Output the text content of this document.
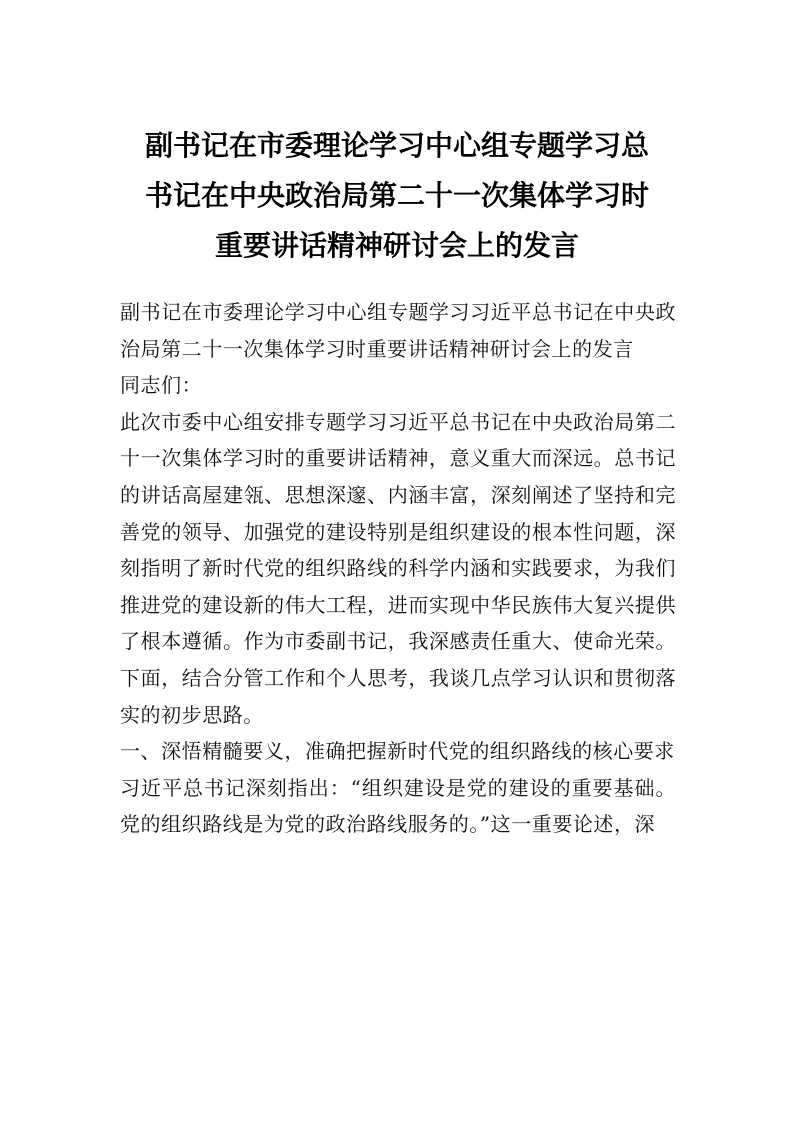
副书记在市委理论学习中心组专题学习总
书记在中央政治局第二十一次集体学习时
重要讲话精神研讨会上的发言

副书记在市委理论学习中心组专题学习习近平总书记在中央政治局第二十一次集体学习时重要讲话精神研讨会上的发言

同志们：

此次市委中心组安排专题学习习近平总书记在中央政治局第二十一次集体学习时的重要讲话精神，意义重大而深远。总书记的讲话高屋建瓴、思想深邃、内涵丰富，深刻阐述了坚持和完善党的领导、加强党的建设特别是组织建设的根本性问题，深刻指明了新时代党的组织路线的科学内涵和实践要求，为我们推进党的建设新的伟大工程，进而实现中华民族伟大复兴提供了根本遵循。作为市委副书记，我深感责任重大、使命光荣。下面，结合分管工作和个人思考，我谈几点学习认识和贯彻落实的初步思路。

一、深悟精髓要义，准确把握新时代党的组织路线的核心要求

习近平总书记深刻指出：“组织建设是党的建设的重要基础。党的组织路线是为党的政治路线服务的。”这一重要论述，深
